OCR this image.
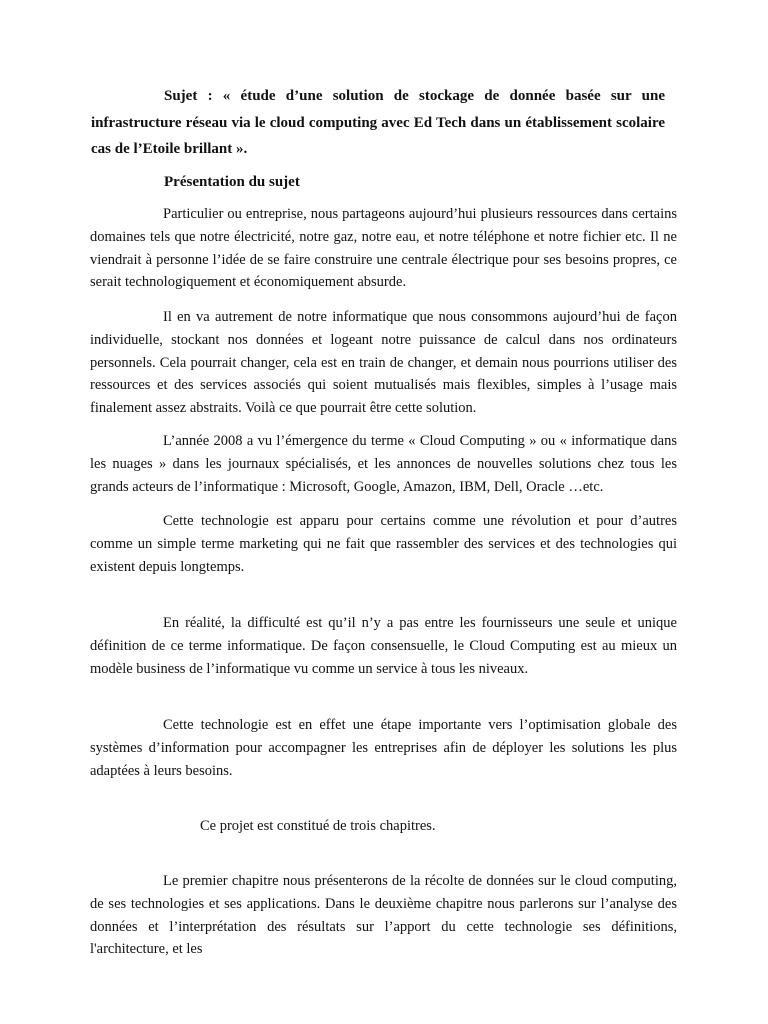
Sujet : « étude d’une solution de stockage de donnée basée sur une infrastructure réseau via le cloud computing avec Ed Tech dans un établissement scolaire cas de l’Etoile brillant ».

Présentation du sujet

Particulier ou entreprise, nous partageons aujourd’hui plusieurs ressources dans certains domaines tels que notre électricité, notre gaz, notre eau, et notre téléphone et notre fichier etc. Il ne viendrait à personne l’idée de se faire construire une centrale électrique pour ses besoins propres, ce serait technologiquement et économiquement absurde.

Il en va autrement de notre informatique que nous consommons aujourd’hui de façon individuelle, stockant nos données et logeant notre puissance de calcul dans nos ordinateurs personnels. Cela pourrait changer, cela est en train de changer, et demain nous pourrions utiliser des ressources et des services associés qui soient mutualisés mais flexibles, simples à l’usage mais finalement assez abstraits. Voilà ce que pourrait être cette solution.

L’année 2008 a vu l’émergence du terme « Cloud Computing » ou « informatique dans les nuages » dans les journaux spécialisés, et les annonces de nouvelles solutions chez tous les grands acteurs de l’informatique : Microsoft, Google, Amazon, IBM, Dell, Oracle …etc.

Cette technologie est apparu pour certains comme une révolution et pour d’autres comme un simple terme marketing qui ne fait que rassembler des services et des technologies qui existent depuis longtemps.

En réalité, la difficulté est qu’il n’y a pas entre les fournisseurs une seule et unique définition de ce terme informatique. De façon consensuelle, le Cloud Computing est au mieux un modèle business de l’informatique vu comme un service à tous les niveaux.

Cette technologie est en effet une étape importante vers l’optimisation globale des systèmes d’information pour accompagner les entreprises afin de déployer les solutions les plus adaptées à leurs besoins.

Ce projet est constitué de trois chapitres.

Le premier chapitre nous présenterons de la récolte de données sur le cloud computing, de ses technologies et ses applications. Dans le deuxième chapitre nous parlerons sur l’analyse des données et l’interprétation des résultats sur l’apport du cette technologie ses définitions, l'architecture, et les
